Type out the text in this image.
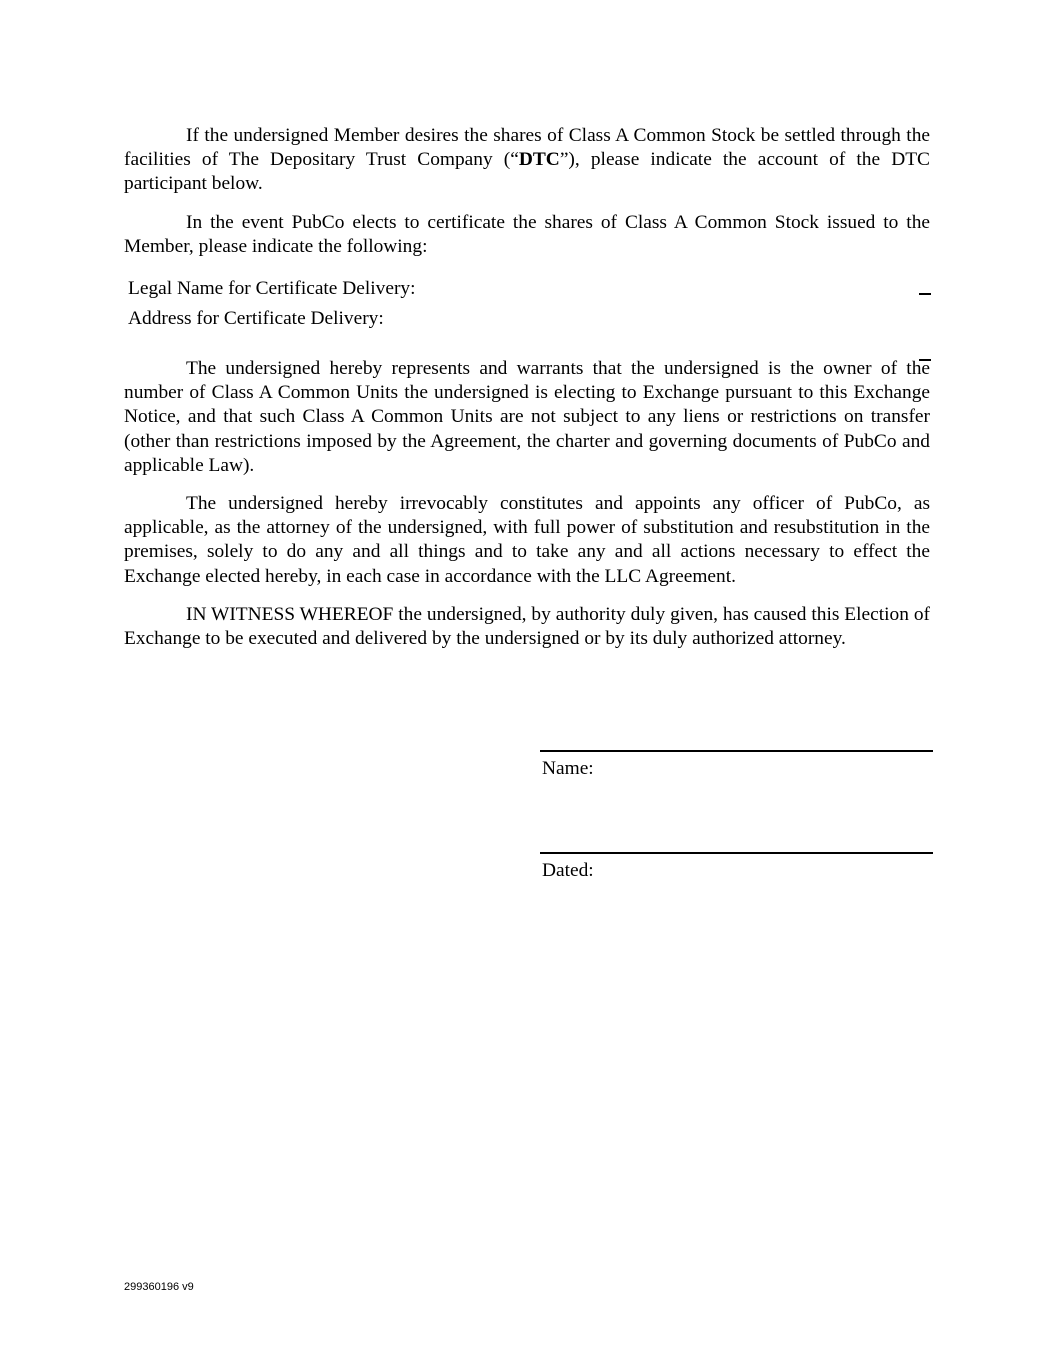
If the undersigned Member desires the shares of Class A Common Stock be settled through the facilities of The Depositary Trust Company (“DTC”), please indicate the account of the DTC participant below.

In the event PubCo elects to certificate the shares of Class A Common Stock issued to the Member, please indicate the following:

Legal Name for Certificate Delivery:
Address for Certificate Delivery:

The undersigned hereby represents and warrants that the undersigned is the owner of the number of Class A Common Units the undersigned is electing to Exchange pursuant to this Exchange Notice, and that such Class A Common Units are not subject to any liens or restrictions on transfer (other than restrictions imposed by the Agreement, the charter and governing documents of PubCo and applicable Law).

The undersigned hereby irrevocably constitutes and appoints any officer of PubCo, as applicable, as the attorney of the undersigned, with full power of substitution and resubstitution in the premises, solely to do any and all things and to take any and all actions necessary to effect the Exchange elected hereby, in each case in accordance with the LLC Agreement.

IN WITNESS WHEREOF the undersigned, by authority duly given, has caused this Election of Exchange to be executed and delivered by the undersigned or by its duly authorized attorney.

Name:
Dated:
299360196 v9
